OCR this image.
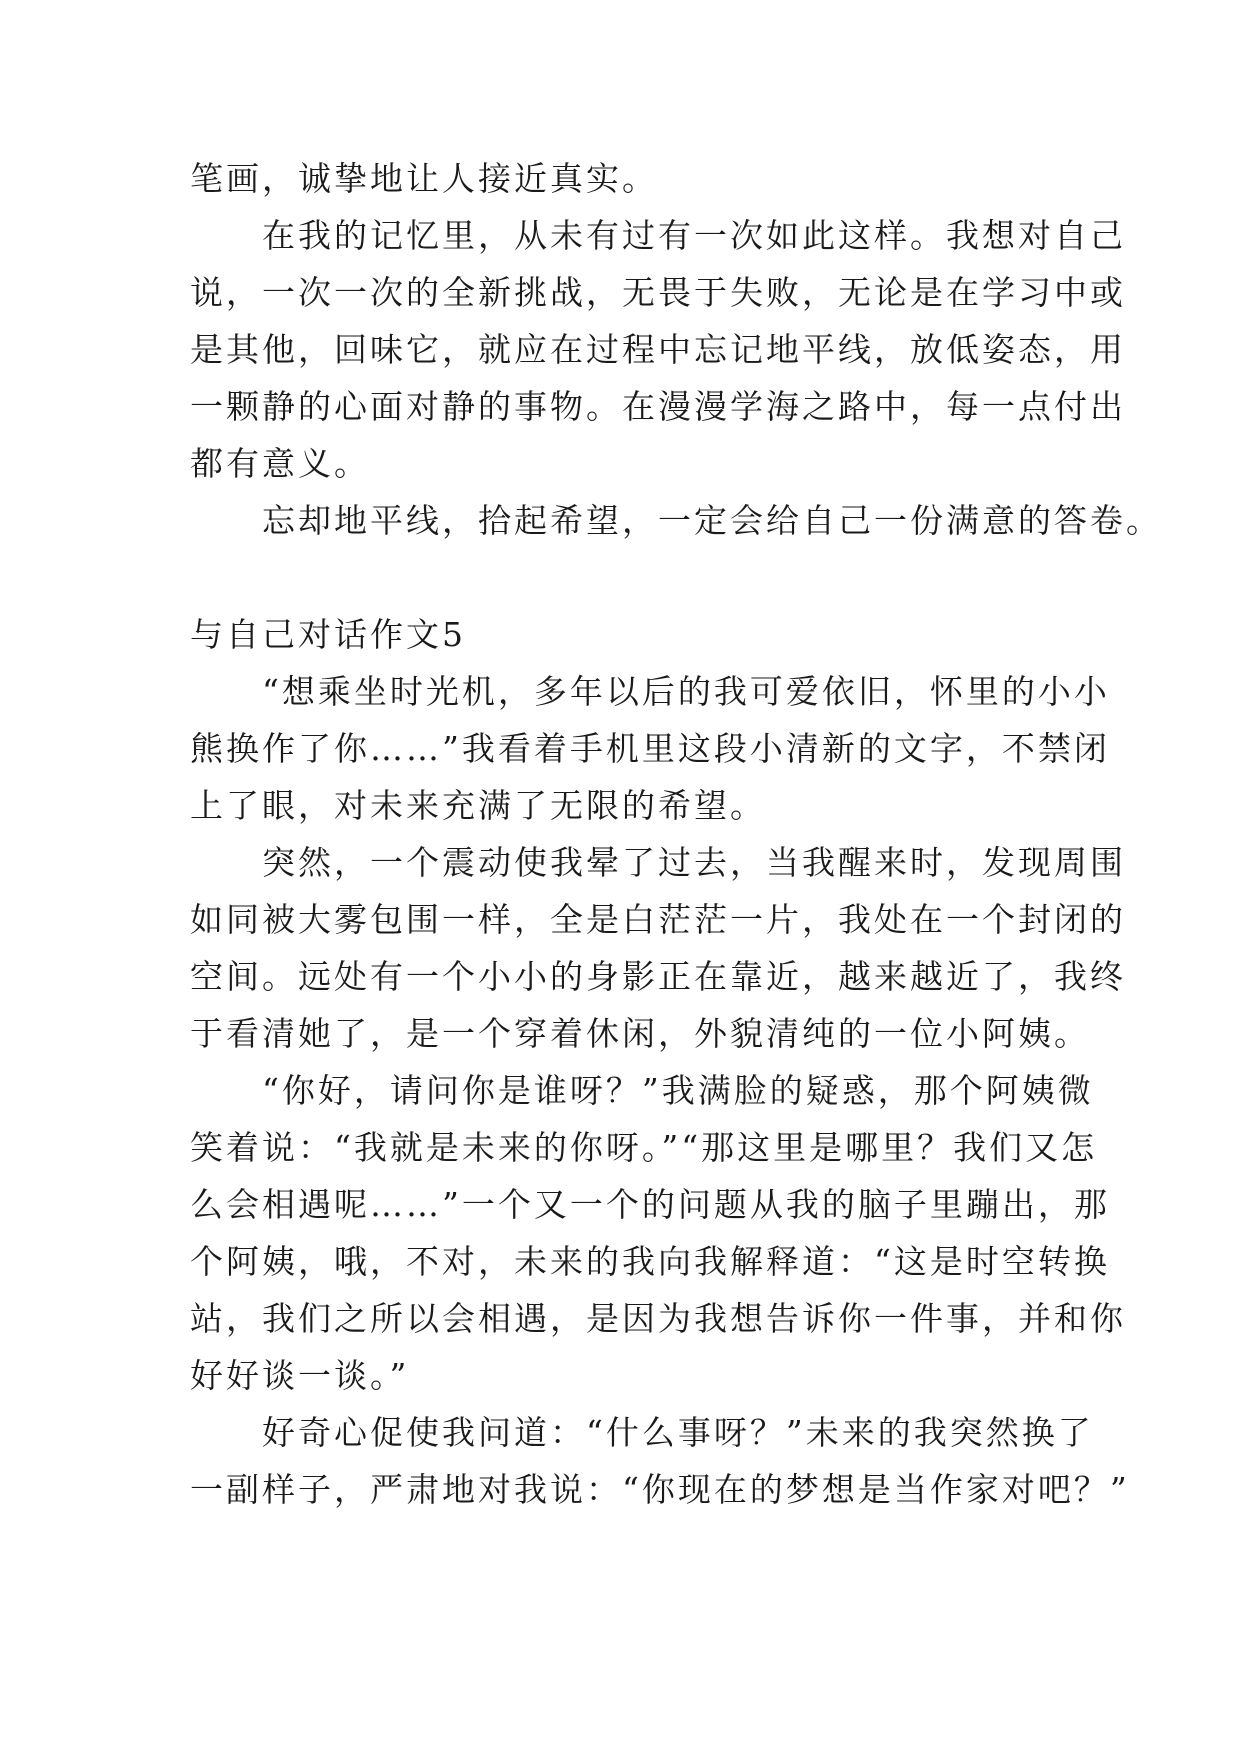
笔画，诚挚地让人接近真实。
　　在我的记忆里，从未有过有一次如此这样。我想对自己
说，一次一次的全新挑战，无畏于失败，无论是在学习中或
是其他，回味它，就应在过程中忘记地平线，放低姿态，用
一颗静的心面对静的事物。在漫漫学海之路中，每一点付出
都有意义。
　　忘却地平线，拾起希望，一定会给自己一份满意的答卷。
与自己对话作文5
　　“想乘坐时光机，多年以后的我可爱依旧，怀里的小小
熊换作了你……”我看着手机里这段小清新的文字，不禁闭
上了眼，对未来充满了无限的希望。
　　突然，一个震动使我晕了过去，当我醒来时，发现周围
如同被大雾包围一样，全是白茫茫一片，我处在一个封闭的
空间。远处有一个小小的身影正在靠近，越来越近了，我终
于看清她了，是一个穿着休闲，外貌清纯的一位小阿姨。
　　“你好，请问你是谁呀？”我满脸的疑惑，那个阿姨微
笑着说：“我就是未来的你呀。”“那这里是哪里？我们又怎
么会相遇呢……”一个又一个的问题从我的脑子里蹦出，那
个阿姨，哦，不对，未来的我向我解释道：“这是时空转换
站，我们之所以会相遇，是因为我想告诉你一件事，并和你
好好谈一谈。”
　　好奇心促使我问道：“什么事呀？”未来的我突然换了
一副样子，严肃地对我说：“你现在的梦想是当作家对吧？”
